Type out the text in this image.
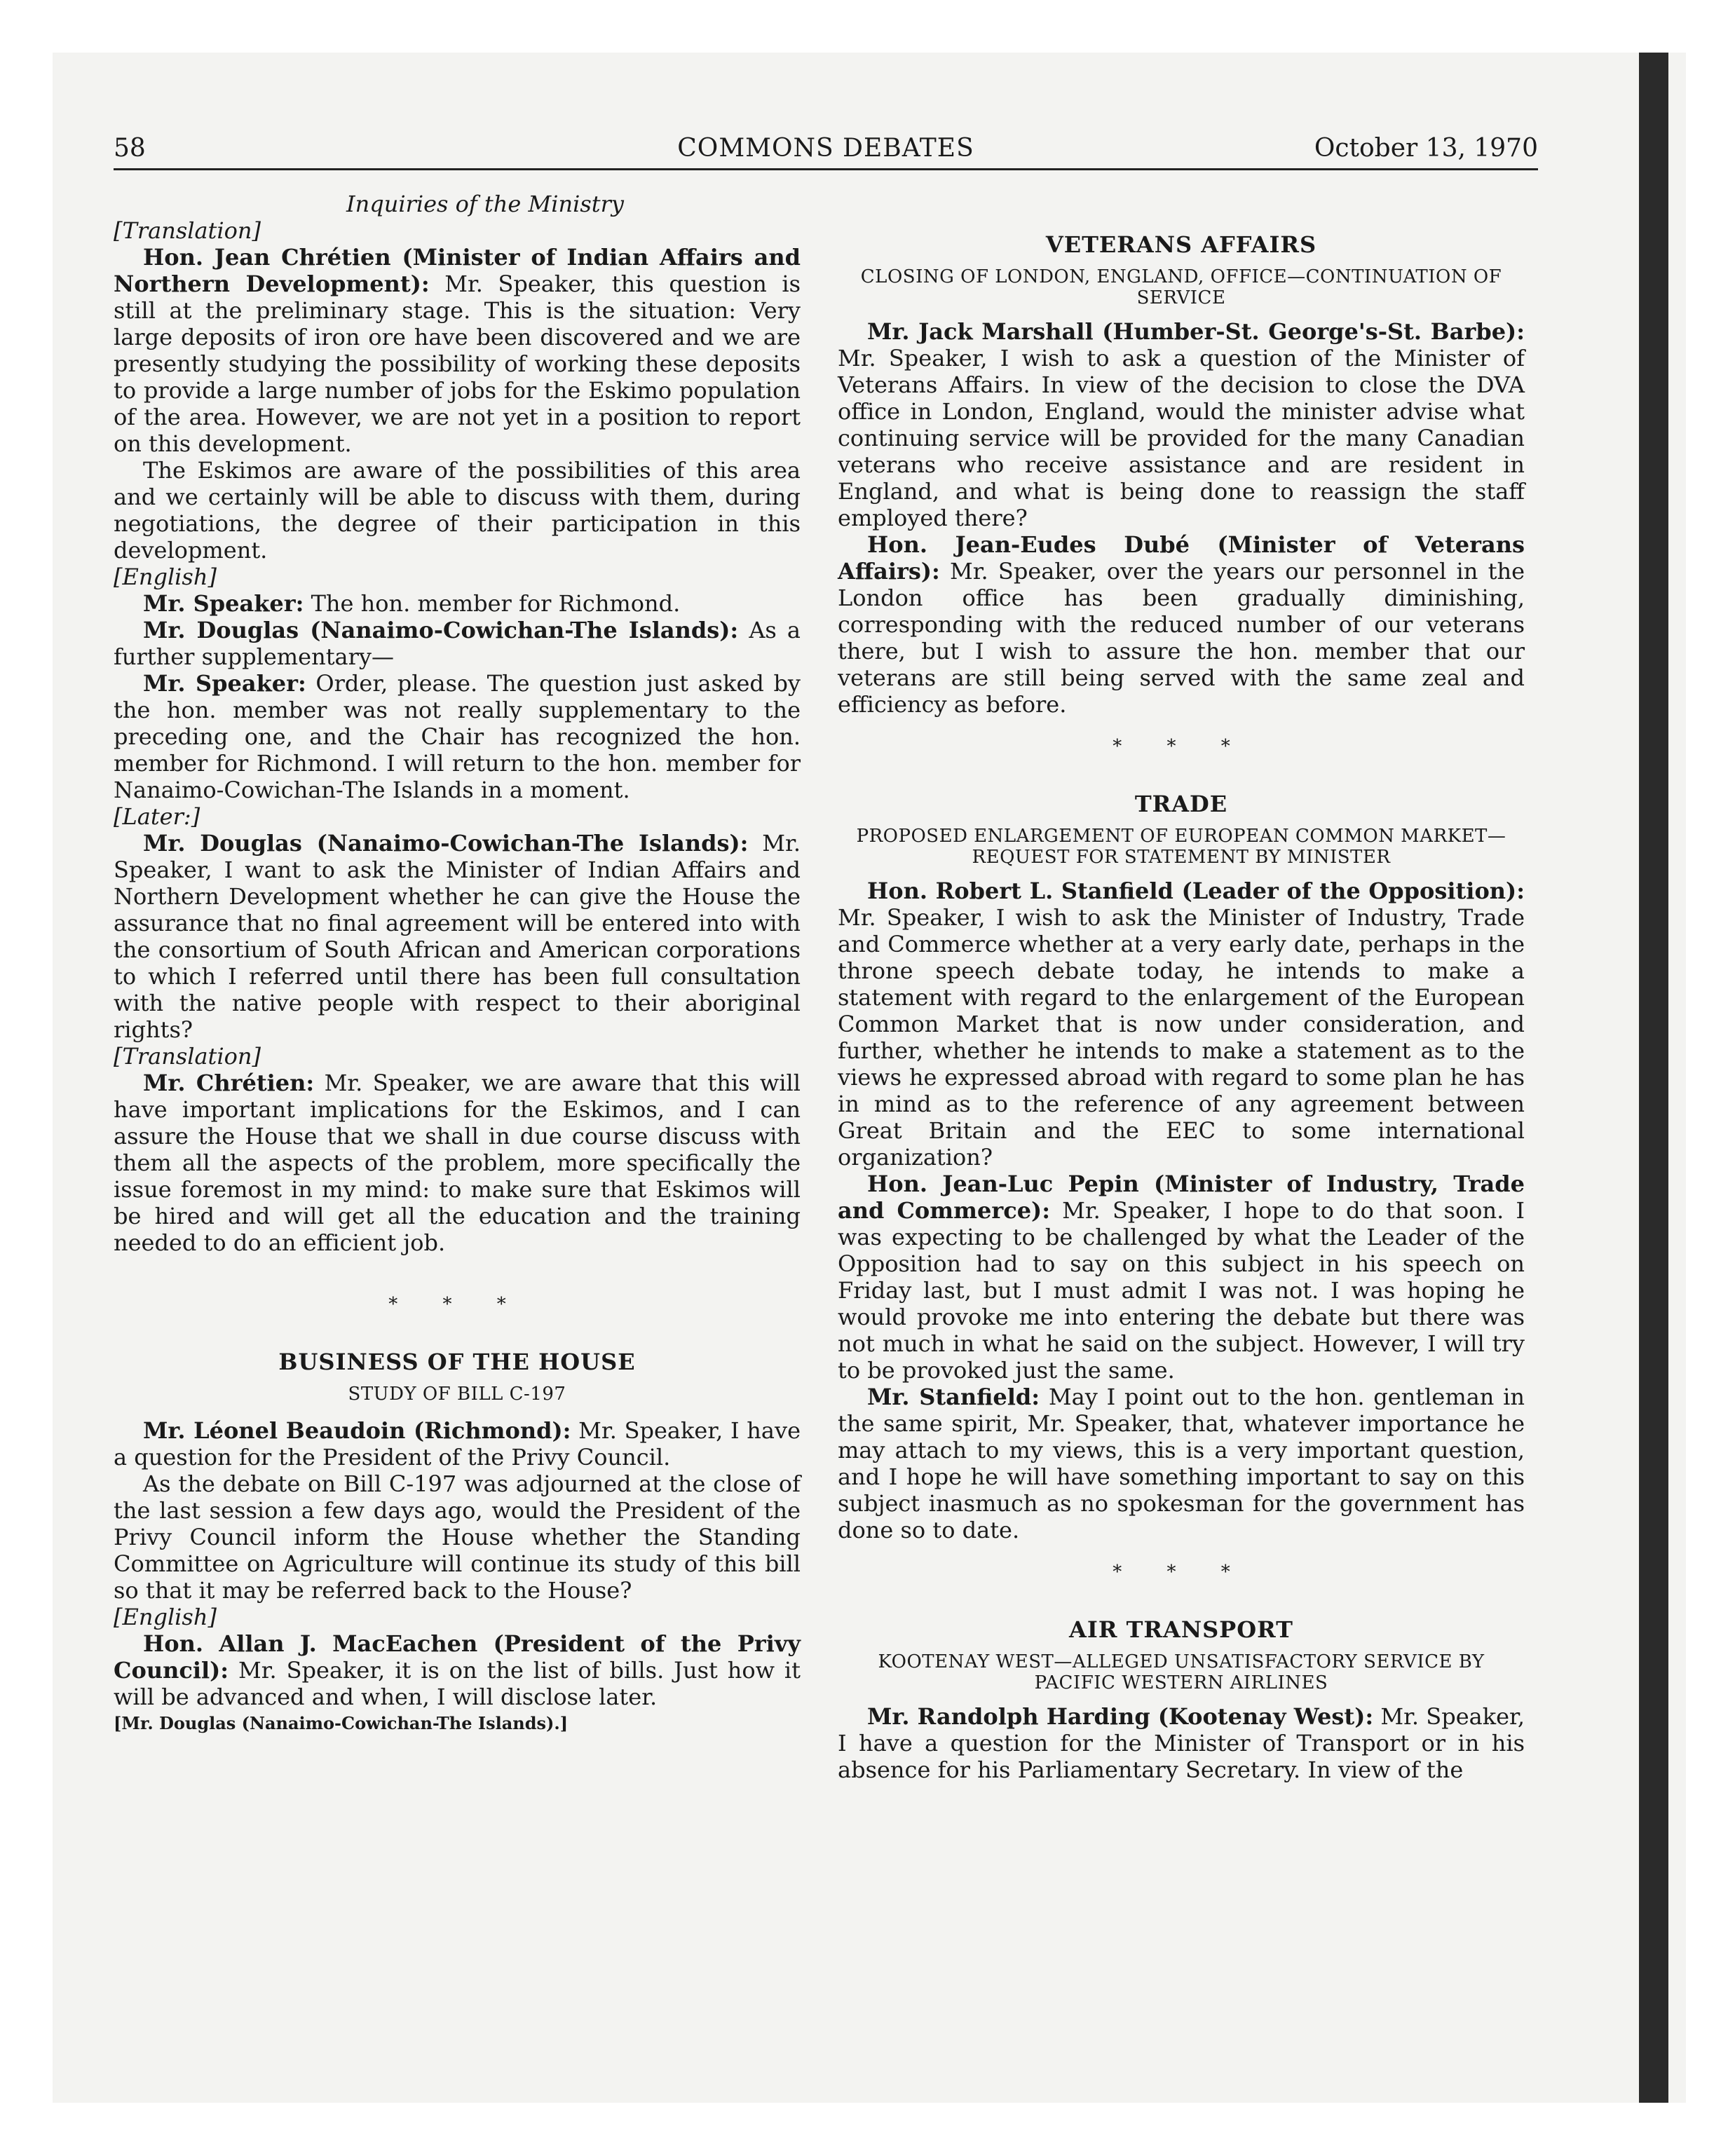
58	COMMONS DEBATES	October 13, 1970

Inquiries of the Ministry

[Translation]

Hon. Jean Chrétien (Minister of Indian Affairs and Northern Development): Mr. Speaker, this question is still at the preliminary stage. This is the situation: Very large deposits of iron ore have been discovered and we are presently studying the possibility of working these deposits to provide a large number of jobs for the Eskimo population of the area. However, we are not yet in a position to report on this development.

The Eskimos are aware of the possibilities of this area and we certainly will be able to discuss with them, during negotiations, the degree of their participation in this development.

[English]

Mr. Speaker: The hon. member for Richmond.

Mr. Douglas (Nanaimo-Cowichan-The Islands): As a further supplementary—

Mr. Speaker: Order, please. The question just asked by the hon. member was not really supplementary to the preceding one, and the Chair has recognized the hon. member for Richmond. I will return to the hon. member for Nanaimo-Cowichan-The Islands in a moment.

[Later:]

Mr. Douglas (Nanaimo-Cowichan-The Islands): Mr. Speaker, I want to ask the Minister of Indian Affairs and Northern Development whether he can give the House the assurance that no final agreement will be entered into with the consortium of South African and American corporations to which I referred until there has been full consultation with the native people with respect to their aboriginal rights?

[Translation]

Mr. Chrétien: Mr. Speaker, we are aware that this will have important implications for the Eskimos, and I can assure the House that we shall in due course discuss with them all the aspects of the problem, more specifically the issue foremost in my mind: to make sure that Eskimos will be hired and will get all the education and the training needed to do an efficient job.

* * *
BUSINESS OF THE HOUSE
STUDY OF BILL C-197

Mr. Léonel Beaudoin (Richmond): Mr. Speaker, I have a question for the President of the Privy Council.

As the debate on Bill C-197 was adjourned at the close of the last session a few days ago, would the President of the Privy Council inform the House whether the Standing Committee on Agriculture will continue its study of this bill so that it may be referred back to the House?

[English]

Hon. Allan J. MacEachen (President of the Privy Council): Mr. Speaker, it is on the list of bills. Just how it will be advanced and when, I will disclose later.

[Mr. Douglas (Nanaimo-Cowichan-The Islands).]

VETERANS AFFAIRS
CLOSING OF LONDON, ENGLAND, OFFICE—CONTINUATION OF SERVICE

Mr. Jack Marshall (Humber-St. George's-St. Barbe): Mr. Speaker, I wish to ask a question of the Minister of Veterans Affairs. In view of the decision to close the DVA office in London, England, would the minister advise what continuing service will be provided for the many Canadian veterans who receive assistance and are resident in England, and what is being done to reassign the staff employed there?

Hon. Jean-Eudes Dubé (Minister of Veterans Affairs): Mr. Speaker, over the years our personnel in the London office has been gradually diminishing, corresponding with the reduced number of our veterans there, but I wish to assure the hon. member that our veterans are still being served with the same zeal and efficiency as before.

* * *
TRADE
PROPOSED ENLARGEMENT OF EUROPEAN COMMON MARKET—REQUEST FOR STATEMENT BY MINISTER

Hon. Robert L. Stanfield (Leader of the Opposition): Mr. Speaker, I wish to ask the Minister of Industry, Trade and Commerce whether at a very early date, perhaps in the throne speech debate today, he intends to make a statement with regard to the enlargement of the European Common Market that is now under consideration, and further, whether he intends to make a statement as to the views he expressed abroad with regard to some plan he has in mind as to the reference of any agreement between Great Britain and the EEC to some international organization?

Hon. Jean-Luc Pepin (Minister of Industry, Trade and Commerce): Mr. Speaker, I hope to do that soon. I was expecting to be challenged by what the Leader of the Opposition had to say on this subject in his speech on Friday last, but I must admit I was not. I was hoping he would provoke me into entering the debate but there was not much in what he said on the subject. However, I will try to be provoked just the same.

Mr. Stanfield: May I point out to the hon. gentleman in the same spirit, Mr. Speaker, that, whatever importance he may attach to my views, this is a very important question, and I hope he will have something important to say on this subject inasmuch as no spokesman for the government has done so to date.

* * *
AIR TRANSPORT
KOOTENAY WEST—ALLEGED UNSATISFACTORY SERVICE BY PACIFIC WESTERN AIRLINES

Mr. Randolph Harding (Kootenay West): Mr. Speaker, I have a question for the Minister of Transport or in his absence for his Parliamentary Secretary. In view of the
